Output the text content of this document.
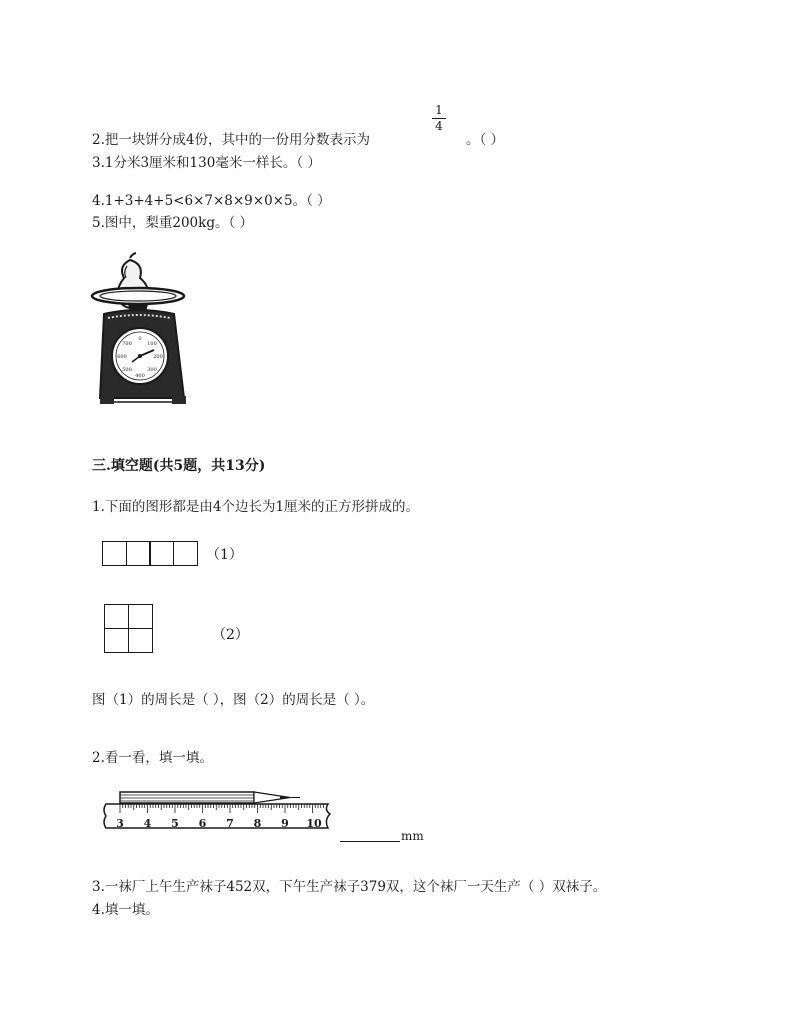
1
4
2.把一块饼分成4份，其中的一份用分数表示为	。（ ）
3.1分米3厘米和130毫米一样长。（ ）
4.1+3+4+5<6×7×8×9×0×5。（ ）
5.图中，梨重200kg。（ ）
0
100
200
300
400
500
600
700
三.填空题(共5题，共13分)
1.下面的图形都是由4个边长为1厘米的正方形拼成的。
（1）
（2）
图（1）的周长是（ ），图（2）的周长是（ ）。
2.看一看，填一填。
3 4 5 6 7 8 9 10
mm
3.一袜厂上午生产袜子452双，下午生产袜子379双，这个袜厂一天生产（ ）双袜子。
4.填一填。
